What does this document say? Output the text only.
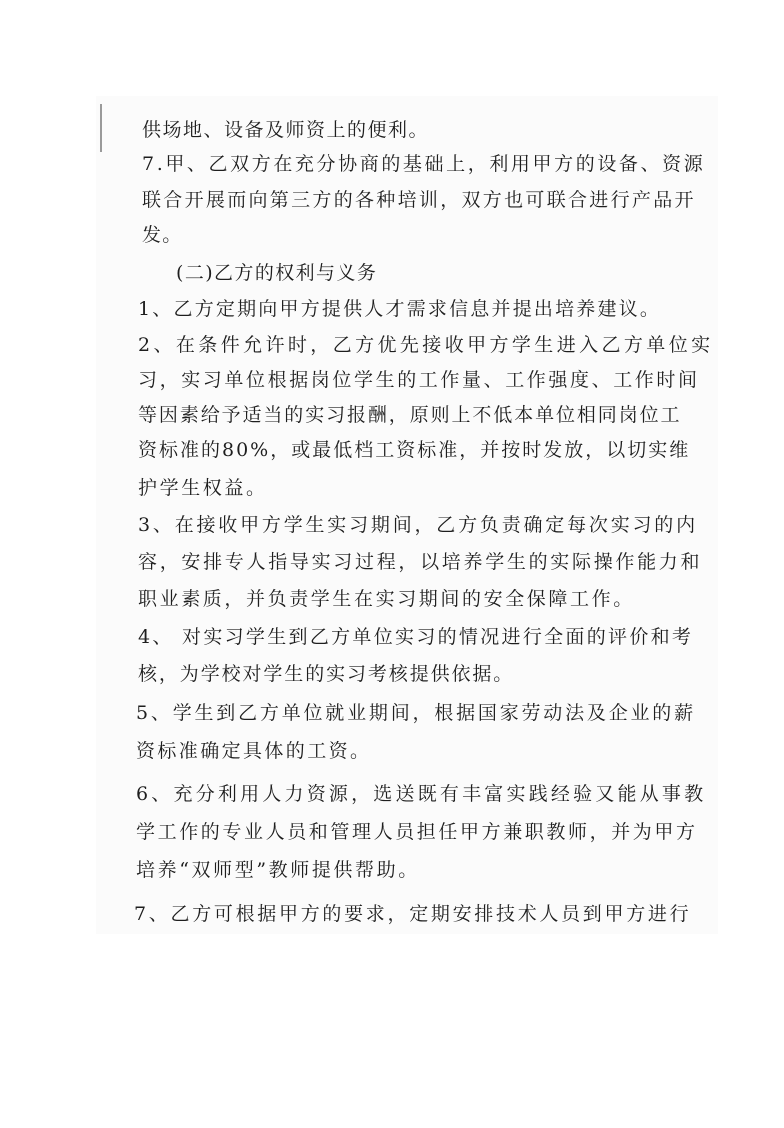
供场地、设备及师资上的便利。
7.甲、乙双方在充分协商的基础上，利用甲方的设备、资源
联合开展而向第三方的各种培训，双方也可联合进行产品开
发。
(二)乙方的权利与义务
1、乙方定期向甲方提供人才需求信息并提出培养建议。
2、在条件允许时，乙方优先接收甲方学生进入乙方单位实
习，实习单位根据岗位学生的工作量、工作强度、工作时间
等因素给予适当的实习报酬，原则上不低本单位相同岗位工
资标准的80%，或最低档工资标准，并按时发放，以切实维
护学生权益。
3、在接收甲方学生实习期间，乙方负责确定每次实习的内
容，安排专人指导实习过程，以培养学生的实际操作能力和
职业素质，并负责学生在实习期间的安全保障工作。
4、 对实习学生到乙方单位实习的情况进行全面的评价和考
核，为学校对学生的实习考核提供依据。
5、学生到乙方单位就业期间，根据国家劳动法及企业的薪
资标准确定具体的工资。
6、充分利用人力资源，选送既有丰富实践经验又能从事教
学工作的专业人员和管理人员担任甲方兼职教师，并为甲方
培养“双师型”教师提供帮助。
7、乙方可根据甲方的要求，定期安排技术人员到甲方进行
